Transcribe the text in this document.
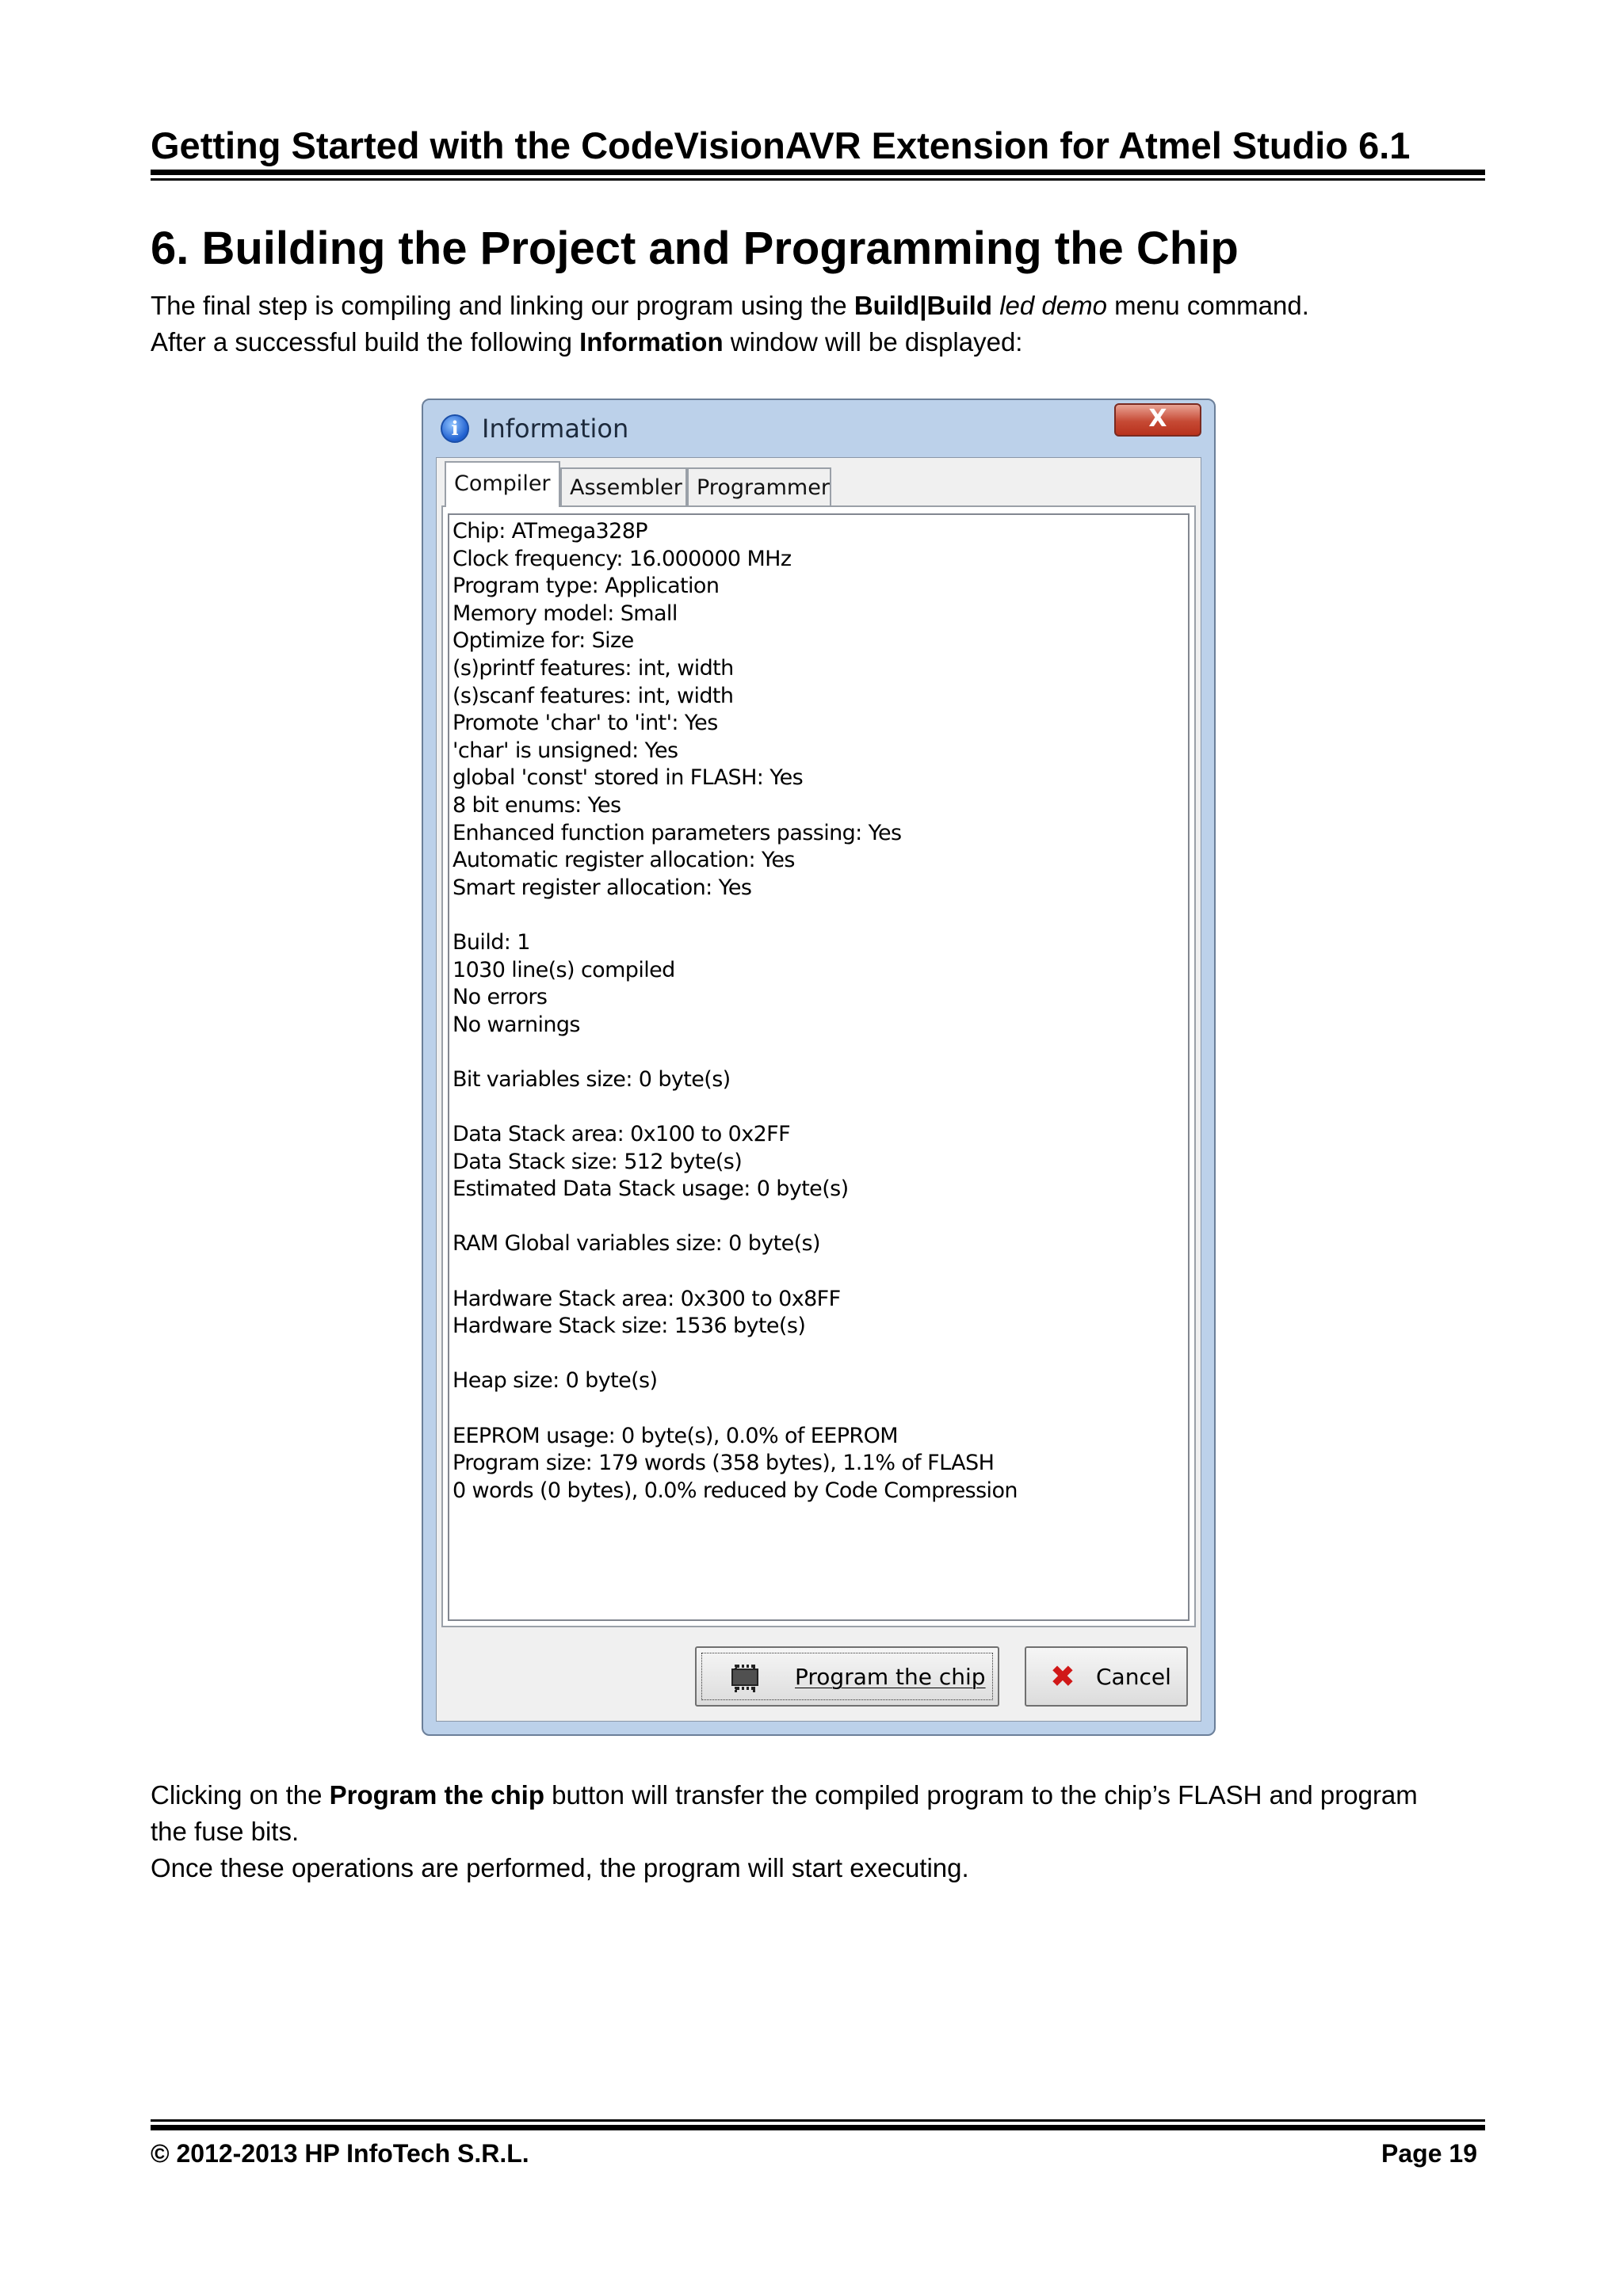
Getting Started with the CodeVisionAVR Extension for Atmel Studio 6.1
6. Building the Project and Programming the Chip
The final step is compiling and linking our program using the Build|Build led demo menu command.
After a successful build the following Information window will be displayed:
i Information	X
Compiler Assembler Programmer
Chip: ATmega328P
Clock frequency: 16.000000 MHz
Program type: Application
Memory model: Small
Optimize for: Size
(s)printf features: int, width
(s)scanf features: int, width
Promote 'char' to 'int': Yes
'char' is unsigned: Yes
global 'const' stored in FLASH: Yes
8 bit enums: Yes
Enhanced function parameters passing: Yes
Automatic register allocation: Yes
Smart register allocation: Yes
Build: 1
1030 line(s) compiled
No errors
No warnings
Bit variables size: 0 byte(s)
Data Stack area: 0x100 to 0x2FF
Data Stack size: 512 byte(s)
Estimated Data Stack usage: 0 byte(s)
RAM Global variables size: 0 byte(s)
Hardware Stack area: 0x300 to 0x8FF
Hardware Stack size: 1536 byte(s)
Heap size: 0 byte(s)
EEPROM usage: 0 byte(s), 0.0% of EEPROM
Program size: 179 words (358 bytes), 1.1% of FLASH
0 words (0 bytes), 0.0% reduced by Code Compression
Program the chip ✖ Cancel
Clicking on the Program the chip button will transfer the compiled program to the chip’s FLASH and program
the fuse bits.
Once these operations are performed, the program will start executing.
© 2012-2013 HP InfoTech S.R.L.	Page 19
